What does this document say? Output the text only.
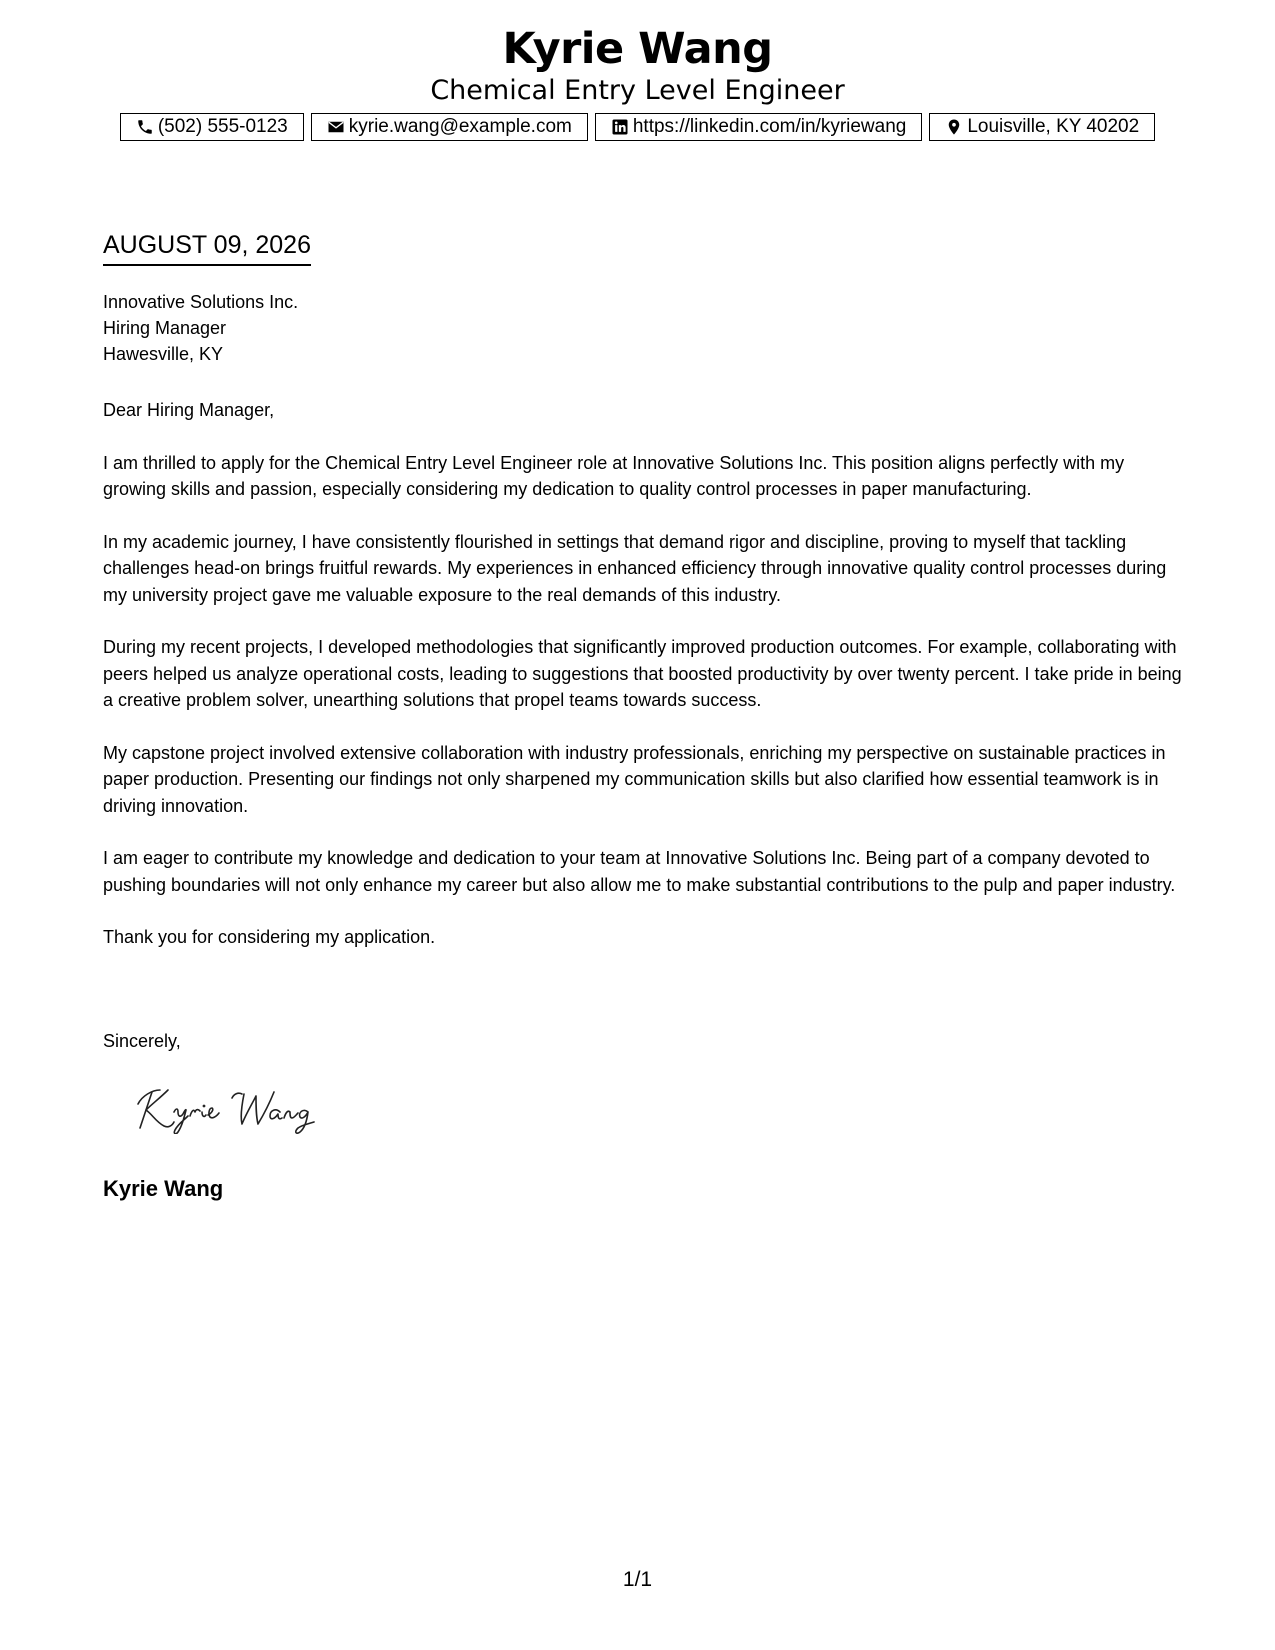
Kyrie Wang
Chemical Entry Level Engineer
(502) 555-0123	kyrie.wang@example.com	https://linkedin.com/in/kyriewang	Louisville, KY 40202
AUGUST 09, 2026
Innovative Solutions Inc.
Hiring Manager
Hawesville, KY

Dear Hiring Manager,

I am thrilled to apply for the Chemical Entry Level Engineer role at Innovative Solutions Inc. This position aligns perfectly with my growing skills and passion, especially considering my dedication to quality control processes in paper manufacturing.

In my academic journey, I have consistently flourished in settings that demand rigor and discipline, proving to myself that tackling challenges head-on brings fruitful rewards. My experiences in enhanced efficiency through innovative quality control processes during my university project gave me valuable exposure to the real demands of this industry.

During my recent projects, I developed methodologies that significantly improved production outcomes. For example, collaborating with peers helped us analyze operational costs, leading to suggestions that boosted productivity by over twenty percent. I take pride in being a creative problem solver, unearthing solutions that propel teams towards success.

My capstone project involved extensive collaboration with industry professionals, enriching my perspective on sustainable practices in paper production. Presenting our findings not only sharpened my communication skills but also clarified how essential teamwork is in driving innovation.

I am eager to contribute my knowledge and dedication to your team at Innovative Solutions Inc. Being part of a company devoted to pushing boundaries will not only enhance my career but also allow me to make substantial contributions to the pulp and paper industry.

Thank you for considering my application.

Sincerely,
Kyrie Wang
1/1
